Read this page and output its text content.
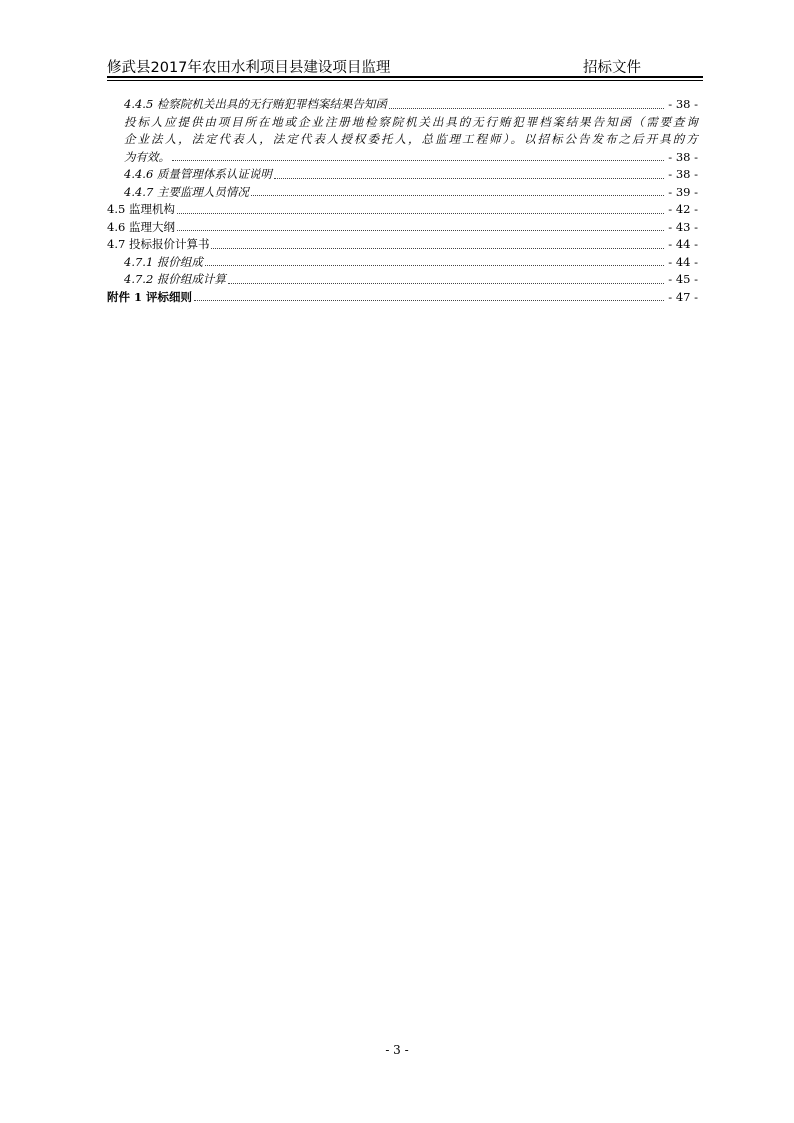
修武县2017年农田水利项目县建设项目监理	招标文件
4.4.5 检察院机关出具的无行贿犯罪档案结果告知函	- 38 -
投标人应提供由项目所在地或企业注册地检察院机关出具的无行贿犯罪档案结果告知函（需要查询
企业法人，法定代表人，法定代表人授权委托人，总监理工程师）。以招标公告发布之后开具的方
为有效。	- 38 -
4.4.6 质量管理体系认证说明	- 38 -
4.4.7 主要监理人员情况	- 39 -
4.5 监理机构	- 42 -
4.6 监理大纲	- 43 -
4.7 投标报价计算书	- 44 -
4.7.1 报价组成	- 44 -
4.7.2 报价组成计算	- 45 -
附件 1 评标细则	- 47 -
- 3 -
